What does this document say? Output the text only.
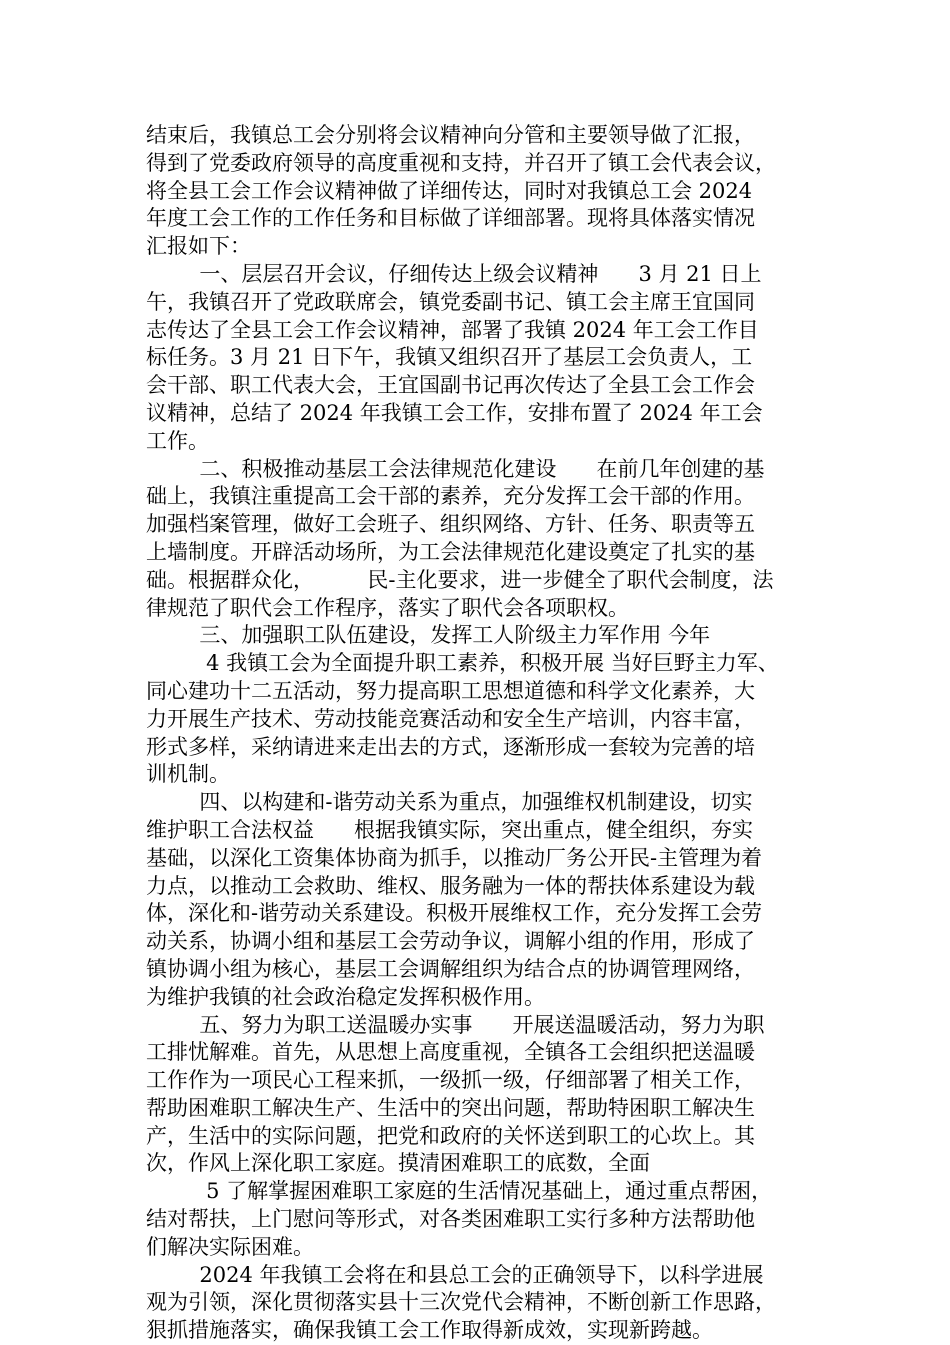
结束后，我镇总工会分别将会议精神向分管和主要领导做了汇报，
得到了党委政府领导的高度重视和支持，并召开了镇工会代表会议，
将全县工会工作会议精神做了详细传达，同时对我镇总工会 2024
年度工会工作的工作任务和目标做了详细部署。现将具体落实情况
汇报如下：
一、层层召开会议，仔细传达上级会议精神      3 月 21 日上
午，我镇召开了党政联席会，镇党委副书记、镇工会主席王宜国同
志传达了全县工会工作会议精神，部署了我镇 2024 年工会工作目
标任务。3 月 21 日下午，我镇又组织召开了基层工会负责人，工
会干部、职工代表大会，王宜国副书记再次传达了全县工会工作会
议精神，总结了 2024 年我镇工会工作，安排布置了 2024 年工会
工作。
二、积极推动基层工会法律规范化建设      在前几年创建的基
础上，我镇注重提高工会干部的素养，充分发挥工会干部的作用。
加强档案管理，做好工会班子、组织网络、方针、任务、职责等五
上墙制度。开辟活动场所，为工会法律规范化建设奠定了扎实的基
础。根据群众化，        民-主化要求，进一步健全了职代会制度，法
律规范了职代会工作程序，落实了职代会各项职权。
三、加强职工队伍建设，发挥工人阶级主力军作用 今年
4 我镇工会为全面提升职工素养，积极开展 当好巨野主力军、
同心建功十二五活动，努力提高职工思想道德和科学文化素养，大
力开展生产技术、劳动技能竞赛活动和安全生产培训，内容丰富，
形式多样，采纳请进来走出去的方式，逐渐形成一套较为完善的培
训机制。
四、以构建和-谐劳动关系为重点，加强维权机制建设，切实
维护职工合法权益      根据我镇实际，突出重点，健全组织，夯实
基础，以深化工资集体协商为抓手，以推动厂务公开民-主管理为着
力点，以推动工会救助、维权、服务融为一体的帮扶体系建设为载
体，深化和-谐劳动关系建设。积极开展维权工作，充分发挥工会劳
动关系，协调小组和基层工会劳动争议，调解小组的作用，形成了
镇协调小组为核心，基层工会调解组织为结合点的协调管理网络，
为维护我镇的社会政治稳定发挥积极作用。
五、努力为职工送温暖办实事      开展送温暖活动，努力为职
工排忧解难。首先，从思想上高度重视，全镇各工会组织把送温暖
工作作为一项民心工程来抓，一级抓一级，仔细部署了相关工作，
帮助困难职工解决生产、生活中的突出问题，帮助特困职工解决生
产，生活中的实际问题，把党和政府的关怀送到职工的心坎上。其
次，作风上深化职工家庭。摸清困难职工的底数，全面
5 了解掌握困难职工家庭的生活情况基础上，通过重点帮困，
结对帮扶，上门慰问等形式，对各类困难职工实行多种方法帮助他
们解决实际困难。
2024 年我镇工会将在和县总工会的正确领导下，以科学进展
观为引领，深化贯彻落实县十三次党代会精神，不断创新工作思路，
狠抓措施落实，确保我镇工会工作取得新成效，实现新跨越。
